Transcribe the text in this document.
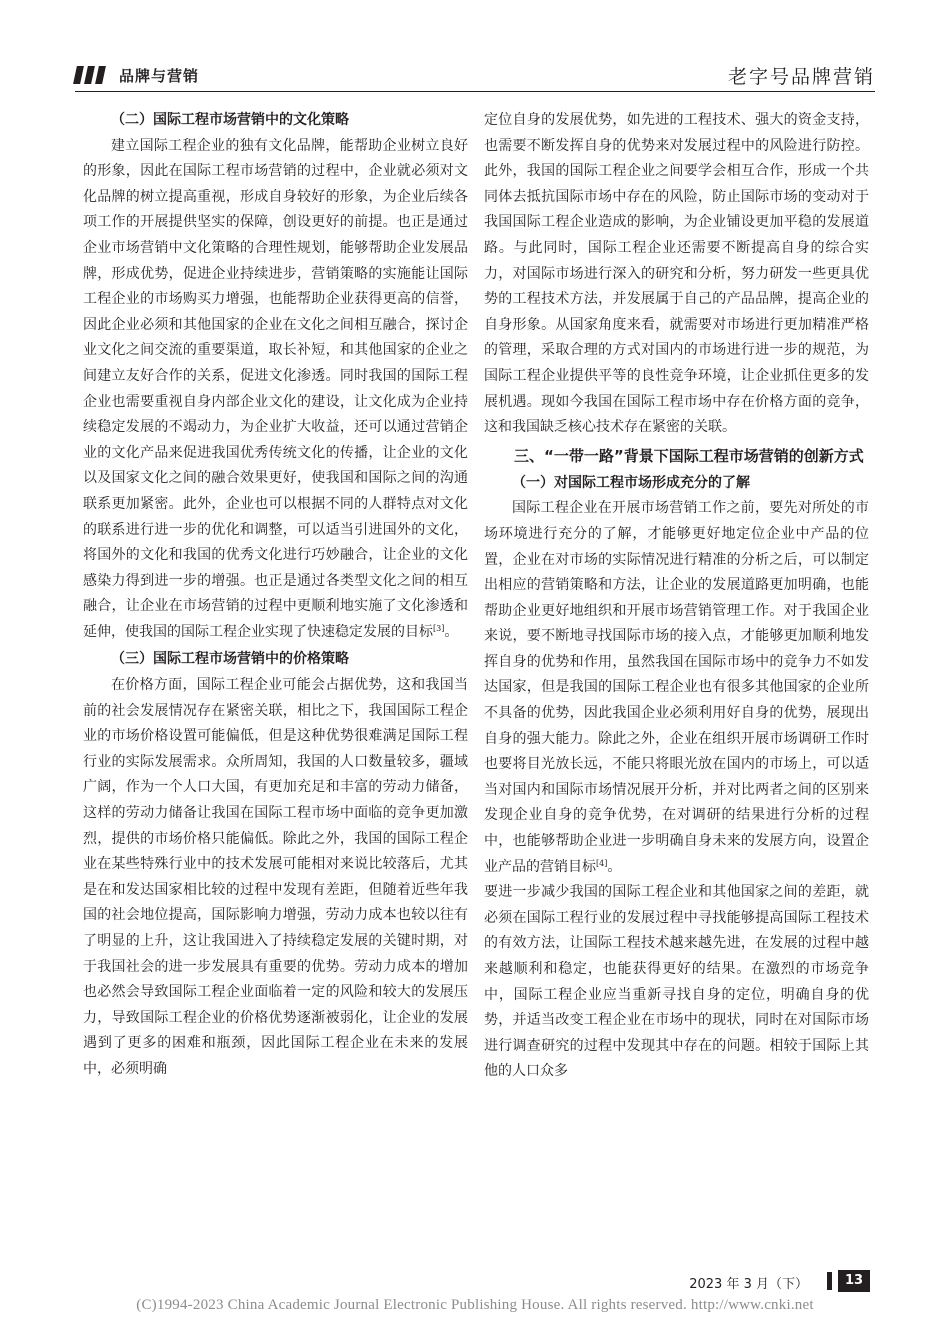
品牌与营销	老字号品牌营销
（二）国际工程市场营销中的文化策略

建立国际工程企业的独有文化品牌，能帮助企业树立良好的形象，因此在国际工程市场营销的过程中，企业就必须对文化品牌的树立提高重视，形成自身较好的形象，为企业后续各项工作的开展提供坚实的保障，创设更好的前提。也正是通过企业市场营销中文化策略的合理性规划，能够帮助企业发展品牌，形成优势，促进企业持续进步，营销策略的实施能让国际工程企业的市场购买力增强，也能帮助企业获得更高的信誉，因此企业必须和其他国家的企业在文化之间相互融合，探讨企业文化之间交流的重要渠道，取长补短，和其他国家的企业之间建立友好合作的关系，促进文化渗透。同时我国的国际工程企业也需要重视自身内部企业文化的建设，让文化成为企业持续稳定发展的不竭动力，为企业扩大收益，还可以通过营销企业的文化产品来促进我国优秀传统文化的传播，让企业的文化以及国家文化之间的融合效果更好，使我国和国际之间的沟通联系更加紧密。此外，企业也可以根据不同的人群特点对文化的联系进行进一步的优化和调整，可以适当引进国外的文化，将国外的文化和我国的优秀文化进行巧妙融合，让企业的文化感染力得到进一步的增强。也正是通过各类型文化之间的相互融合，让企业在市场营销的过程中更顺利地实施了文化渗透和延伸，使我国的国际工程企业实现了快速稳定发展的目标[3]。

（三）国际工程市场营销中的价格策略

在价格方面，国际工程企业可能会占据优势，这和我国当前的社会发展情况存在紧密关联，相比之下，我国国际工程企业的市场价格设置可能偏低，但是这种优势很难满足国际工程行业的实际发展需求。众所周知，我国的人口数量较多，疆域广阔，作为一个人口大国，有更加充足和丰富的劳动力储备，这样的劳动力储备让我国在国际工程市场中面临的竞争更加激烈，提供的市场价格只能偏低。除此之外，我国的国际工程企业在某些特殊行业中的技术发展可能相对来说比较落后，尤其是在和发达国家相比较的过程中发现有差距，但随着近些年我国的社会地位提高，国际影响力增强，劳动力成本也较以往有了明显的上升，这让我国进入了持续稳定发展的关键时期，对于我国社会的进一步发展具有重要的优势。劳动力成本的增加也必然会导致国际工程企业面临着一定的风险和较大的发展压力，导致国际工程企业的价格优势逐渐被弱化，让企业的发展遇到了更多的困难和瓶颈，因此国际工程企业在未来的发展中，必须明确

定位自身的发展优势，如先进的工程技术、强大的资金支持，也需要不断发挥自身的优势来对发展过程中的风险进行防控。此外，我国的国际工程企业之间要学会相互合作，形成一个共同体去抵抗国际市场中存在的风险，防止国际市场的变动对于我国国际工程企业造成的影响，为企业铺设更加平稳的发展道路。与此同时，国际工程企业还需要不断提高自身的综合实力，对国际市场进行深入的研究和分析，努力研发一些更具优势的工程技术方法，并发展属于自己的产品品牌，提高企业的自身形象。从国家角度来看，就需要对市场进行更加精准严格的管理，采取合理的方式对国内的市场进行进一步的规范，为国际工程企业提供平等的良性竞争环境，让企业抓住更多的发展机遇。现如今我国在国际工程市场中存在价格方面的竞争，这和我国缺乏核心技术存在紧密的关联。

三、“一带一路”背景下国际工程市场营销的创新方式
（一）对国际工程市场形成充分的了解

国际工程企业在开展市场营销工作之前，要先对所处的市场环境进行充分的了解，才能够更好地定位企业中产品的位置，企业在对市场的实际情况进行精准的分析之后，可以制定出相应的营销策略和方法，让企业的发展道路更加明确，也能帮助企业更好地组织和开展市场营销管理工作。对于我国企业来说，要不断地寻找国际市场的接入点，才能够更加顺利地发挥自身的优势和作用，虽然我国在国际市场中的竞争力不如发达国家，但是我国的国际工程企业也有很多其他国家的企业所不具备的优势，因此我国企业必须利用好自身的优势，展现出自身的强大能力。除此之外，企业在组织开展市场调研工作时也要将目光放长远，不能只将眼光放在国内的市场上，可以适当对国内和国际市场情况展开分析，并对比两者之间的区别来发现企业自身的竞争优势，在对调研的结果进行分析的过程中，也能够帮助企业进一步明确自身未来的发展方向，设置企业产品的营销目标[4]。

要进一步减少我国的国际工程企业和其他国家之间的差距，就必须在国际工程行业的发展过程中寻找能够提高国际工程技术的有效方法，让国际工程技术越来越先进，在发展的过程中越来越顺利和稳定，也能获得更好的结果。在激烈的市场竞争中，国际工程企业应当重新寻找自身的定位，明确自身的优势，并适当改变工程企业在市场中的现状，同时在对国际市场进行调查研究的过程中发现其中存在的问题。相较于国际上其他的人口众多

2023 年 3 月（下）	13
(C)1994-2023 China Academic Journal Electronic Publishing House. All rights reserved. http://www.cnki.net
